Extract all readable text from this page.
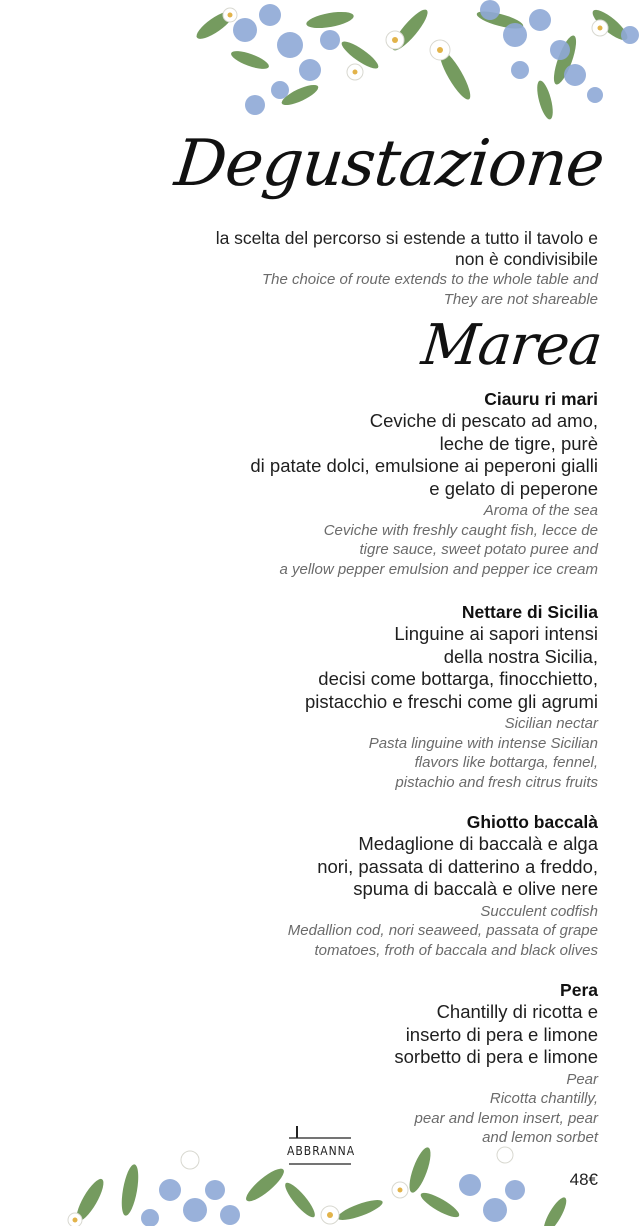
Degustazione
la scelta del percorso si estende a tutto il tavolo e
non è condivisibile
The choice of route extends to the whole table and
They are not shareable
Marea
Ciauru ri mari
Ceviche di pescato ad amo,
leche de tigre, purè
di patate dolci, emulsione ai peperoni gialli
e gelato di peperone
Aroma of the sea
Ceviche with freshly caught fish, lecce de
tigre sauce, sweet potato puree and
a yellow pepper emulsion and pepper ice cream
Nettare di Sicilia
Linguine ai sapori intensi
della nostra Sicilia,
decisi come bottarga, finocchietto,
pistacchio e freschi come gli agrumi
Sicilian nectar
Pasta linguine with intense Sicilian
flavors like bottarga, fennel,
pistachio and fresh citrus fruits
Ghiotto baccalà
Medaglione di baccalà e alga
nori, passata di datterino a freddo,
spuma di baccalà e olive nere
Succulent codfish
Medallion cod, nori seaweed, passata of grape
tomatoes, froth of baccala and black olives
Pera
Chantilly di ricotta e
inserto di pera e limone
sorbetto di pera e limone
Pear
Ricotta chantilly,
pear and lemon insert, pear
and lemon sorbet
ABBRANNA
48€
